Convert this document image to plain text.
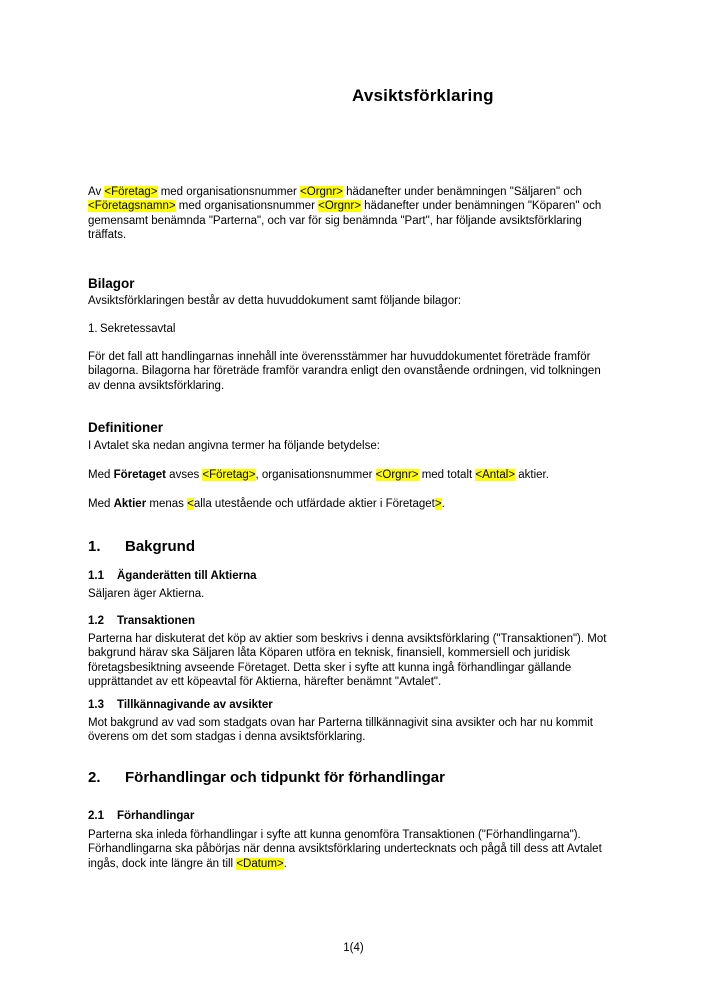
Avsiktsförklaring
Av <Företag> med organisationsnummer <Orgnr> hädanefter under benämningen "Säljaren" och
<Företagsnamn> med organisationsnummer <Orgnr> hädanefter under benämningen "Köparen" och
gemensamt benämnda "Parterna", och var för sig benämnda "Part", har följande avsiktsförklaring
träffats.
Bilagor
Avsiktsförklaringen består av detta huvuddokument samt följande bilagor:
1. Sekretessavtal
För det fall att handlingarnas innehåll inte överensstämmer har huvuddokumentet företräde framför
bilagorna. Bilagorna har företräde framför varandra enligt den ovanstående ordningen, vid tolkningen
av denna avsiktsförklaring.
Definitioner
I Avtalet ska nedan angivna termer ha följande betydelse:
Med Företaget avses <Företag>, organisationsnummer <Orgnr> med totalt <Antal> aktier.
Med Aktier menas <alla utestående och utfärdade aktier i Företaget>.
1. Bakgrund
1.1 Äganderätten till Aktierna
Säljaren äger Aktierna.
1.2 Transaktionen
Parterna har diskuterat det köp av aktier som beskrivs i denna avsiktsförklaring ("Transaktionen"). Mot
bakgrund härav ska Säljaren låta Köparen utföra en teknisk, finansiell, kommersiell och juridisk
företagsbesiktning avseende Företaget. Detta sker i syfte att kunna ingå förhandlingar gällande
upprättandet av ett köpeavtal för Aktierna, härefter benämnt "Avtalet".
1.3 Tillkännagivande av avsikter
Mot bakgrund av vad som stadgats ovan har Parterna tillkännagivit sina avsikter och har nu kommit
överens om det som stadgas i denna avsiktsförklaring.
2. Förhandlingar och tidpunkt för förhandlingar
2.1 Förhandlingar
Parterna ska inleda förhandlingar i syfte att kunna genomföra Transaktionen ("Förhandlingarna").
Förhandlingarna ska påbörjas när denna avsiktsförklaring undertecknats och pågå till dess att Avtalet
ingås, dock inte längre än till <Datum>.
1(4)
